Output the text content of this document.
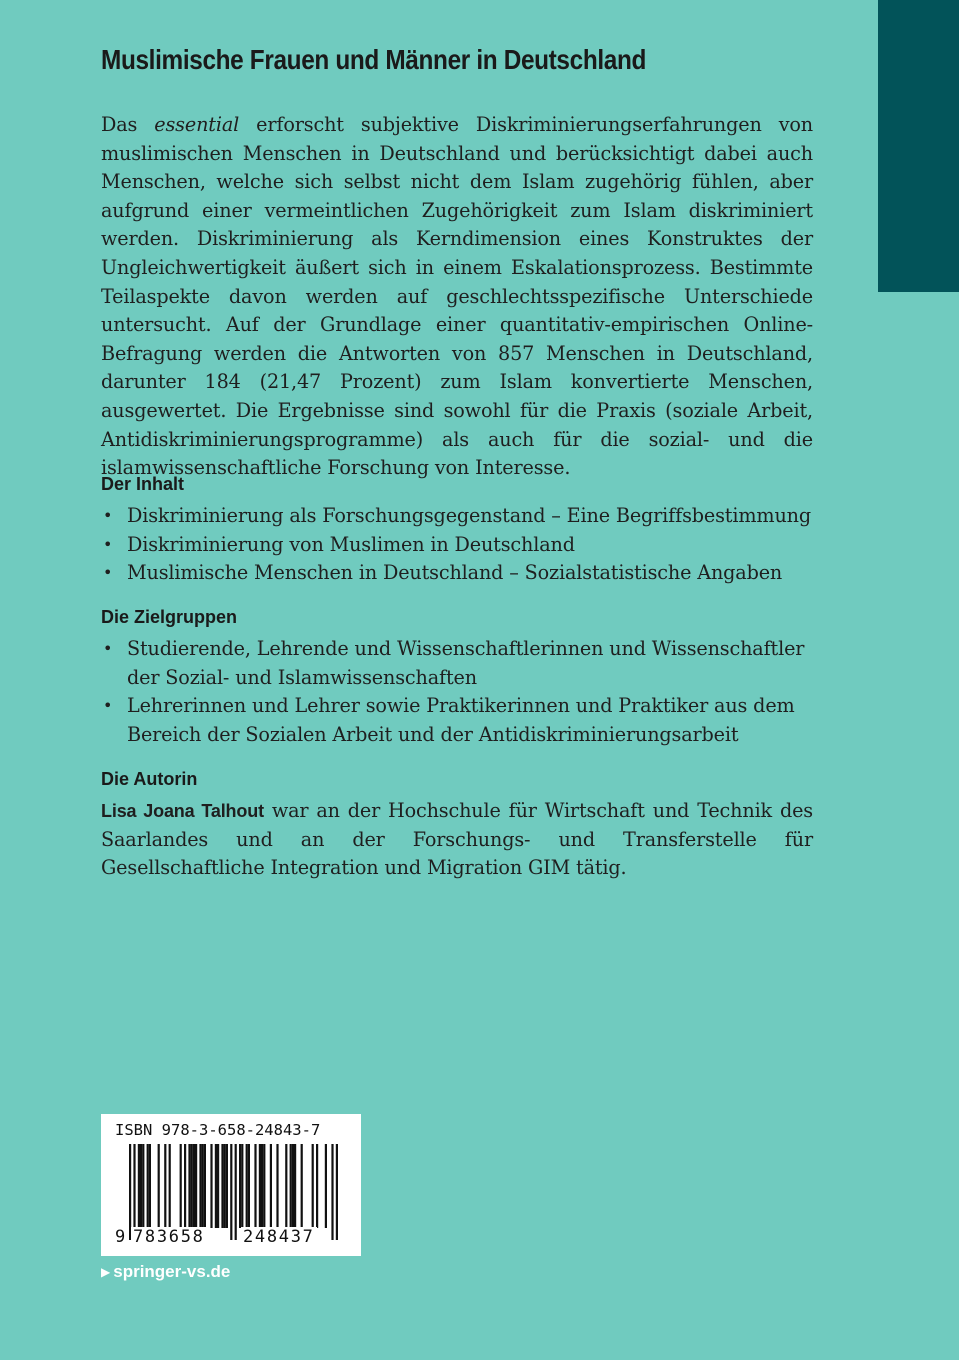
Muslimische Frauen und Männer in Deutschland

Das essential erforscht subjektive Diskriminierungserfahrungen von muslimischen Menschen in Deutschland und berücksichtigt dabei auch Menschen, welche sich selbst nicht dem Islam zugehörig fühlen, aber aufgrund einer vermeintlichen Zugehörigkeit zum Islam diskriminiert werden. Diskriminierung als Kerndimension eines Konstruktes der Ungleichwertigkeit äußert sich in einem Eskalationsprozess. Bestimmte Teilaspekte davon werden auf geschlechtsspezifische Unterschiede untersucht. Auf der Grundlage einer quantitativ-empirischen Online-Befragung werden die Antworten von 857 Menschen in Deutschland, darunter 184 (21,47 Prozent) zum Islam konvertierte Menschen, ausgewertet. Die Ergebnisse sind sowohl für die Praxis (soziale Arbeit, Antidiskriminierungsprogramme) als auch für die sozial- und die islamwissenschaftliche Forschung von Interesse.

Der Inhalt
• Diskriminierung als Forschungsgegenstand – Eine Begriffsbestimmung
• Diskriminierung von Muslimen in Deutschland
• Muslimische Menschen in Deutschland – Sozialstatistische Angaben
Die Zielgruppen
• Studierende, Lehrende und Wissenschaftlerinnen und Wissenschaftler der Sozial- und Islamwissenschaften
• Lehrerinnen und Lehrer sowie Praktikerinnen und Praktiker aus dem Bereich der Sozialen Arbeit und der Antidiskriminierungsarbeit
Die Autorin

Lisa Joana Talhout war an der Hochschule für Wirtschaft und Technik des Saarlandes und an der Forschungs- und Transferstelle für Gesellschaftliche Integration und Migration GIM tätig.

ISBN 978-3-658-24843-7
9 783658 248437
▶ springer-vs.de
